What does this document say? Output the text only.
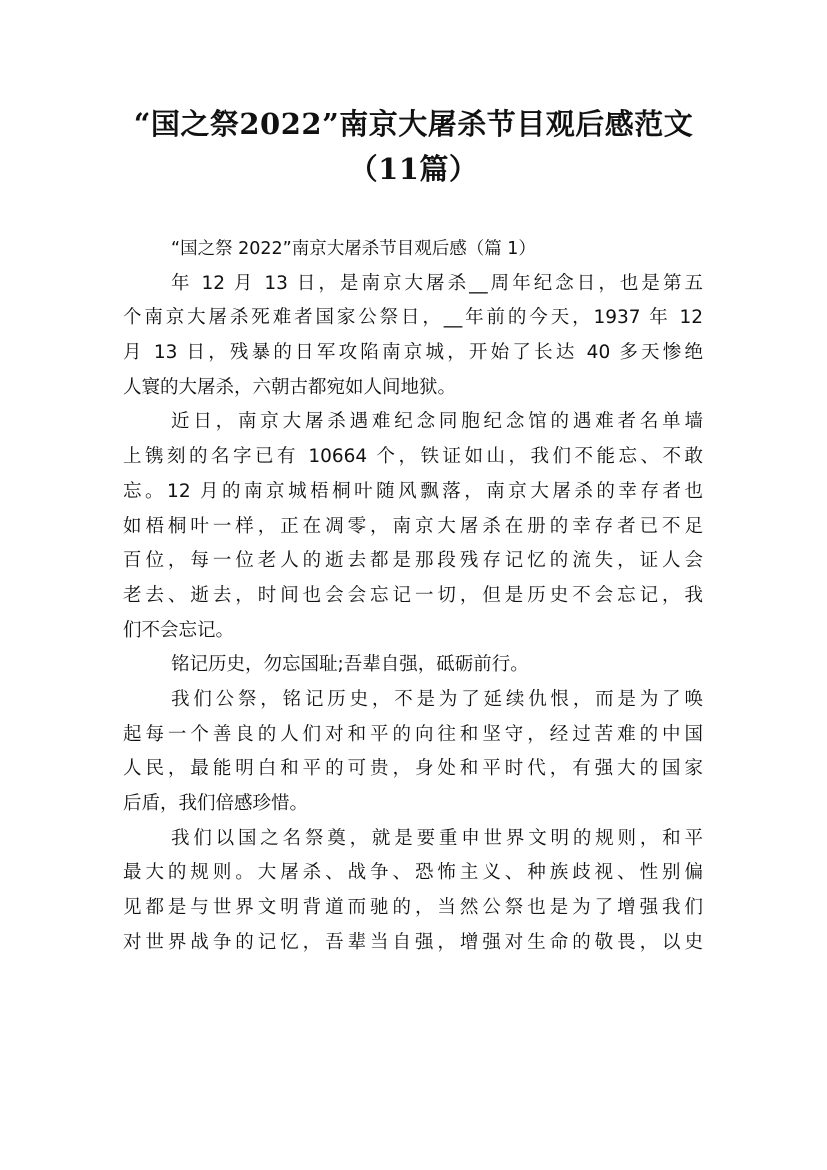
“国之祭2022”南京大屠杀节目观后感范文
（11篇）
“国之祭 2022”南京大屠杀节目观后感（篇 1）
年 12 月 13 日，是南京大屠杀__周年纪念日，也是第五
个南京大屠杀死难者国家公祭日，__年前的今天，1937 年 12
月 13 日，残暴的日军攻陷南京城，开始了长达 40 多天惨绝
人寰的大屠杀，六朝古都宛如人间地狱。
近日，南京大屠杀遇难纪念同胞纪念馆的遇难者名单墙
上镌刻的名字已有 10664 个，铁证如山，我们不能忘、不敢
忘。12 月的南京城梧桐叶随风飘落，南京大屠杀的幸存者也
如梧桐叶一样，正在凋零，南京大屠杀在册的幸存者已不足
百位，每一位老人的逝去都是那段残存记忆的流失，证人会
老去、逝去，时间也会会忘记一切，但是历史不会忘记，我
们不会忘记。
铭记历史，勿忘国耻;吾辈自强，砥砺前行。
我们公祭，铭记历史，不是为了延续仇恨，而是为了唤
起每一个善良的人们对和平的向往和坚守，经过苦难的中国
人民，最能明白和平的可贵，身处和平时代，有强大的国家
后盾，我们倍感珍惜。
我们以国之名祭奠，就是要重申世界文明的规则，和平
最大的规则。大屠杀、战争、恐怖主义、种族歧视、性别偏
见都是与世界文明背道而驰的，当然公祭也是为了增强我们
对世界战争的记忆，吾辈当自强，增强对生命的敬畏，以史
